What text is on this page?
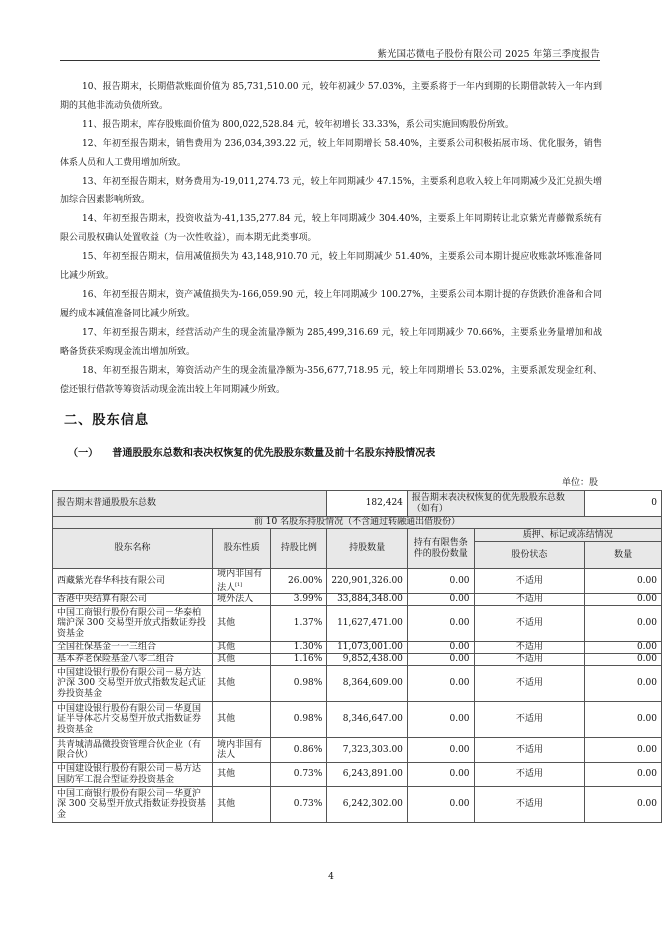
紫光国芯微电子股份有限公司 2025 年第三季度报告

10、报告期末，长期借款账面价值为 85,731,510.00 元，较年初减少 57.03%，主要系将于一年内到期的长期借款转入一年内到期的其他非流动负债所致。

11、报告期末，库存股账面价值为 800,022,528.84 元，较年初增长 33.33%，系公司实施回购股份所致。

12、年初至报告期末，销售费用为 236,034,393.22 元，较上年同期增长 58.40%，主要系公司积极拓展市场、优化服务，销售体系人员和人工费用增加所致。

13、年初至报告期末，财务费用为-19,011,274.73 元，较上年同期减少 47.15%，主要系利息收入较上年同期减少及汇兑损失增加综合因素影响所致。

14、年初至报告期末，投资收益为-41,135,277.84 元，较上年同期减少 304.40%，主要系上年同期转让北京紫光青藤微系统有限公司股权确认处置收益（为一次性收益），而本期无此类事项。

15、年初至报告期末，信用减值损失为 43,148,910.70 元，较上年同期减少 51.40%，主要系公司本期计提应收账款坏账准备同比减少所致。

16、年初至报告期末，资产减值损失为-166,059.90 元，较上年同期减少 100.27%，主要系公司本期计提的存货跌价准备和合同履约成本减值准备同比减少所致。

17、年初至报告期末，经营活动产生的现金流量净额为 285,499,316.69 元，较上年同期减少 70.66%，主要系业务量增加和战略备货获采购现金流出增加所致。

18、年初至报告期末，筹资活动产生的现金流量净额为-356,677,718.95 元，较上年同期增长 53.02%，主要系派发现金红利、偿还银行借款等筹资活动现金流出较上年同期减少所致。

二、股东信息
（一） 普通股股东总数和表决权恢复的优先股股东数量及前十名股东持股情况表
单位：股
报告期末普通股股东总数			182,424	报告期末表决权恢复的优先股股东总数（如有）		0
前 10 名股东持股情况（不含通过转融通出借股份）						
股东名称	股东性质	持股比例	持股数量	持有有限售条件的股份数量	质押、标记或冻结情况	
					股份状态	数量
西藏紫光春华科技有限公司	境内非国有法人[1]	26.00%	220,901,326.00	0.00	不适用	0.00
香港中央结算有限公司	境外法人	3.99%	33,884,348.00	0.00	不适用	0.00
中国工商银行股份有限公司－华泰柏瑞沪深 300 交易型开放式指数证券投资基金	其他	1.37%	11,627,471.00	0.00	不适用	0.00
全国社保基金一一三组合	其他	1.30%	11,073,001.00	0.00	不适用	0.00
基本养老保险基金八零二组合	其他	1.16%	9,852,438.00	0.00	不适用	0.00
中国建设银行股份有限公司－易方达沪深 300 交易型开放式指数发起式证券投资基金	其他	0.98%	8,364,609.00	0.00	不适用	0.00
中国建设银行股份有限公司－华夏国证半导体芯片交易型开放式指数证券投资基金	其他	0.98%	8,346,647.00	0.00	不适用	0.00
共青城清晶微投资管理合伙企业（有限合伙）	境内非国有法人	0.86%	7,323,303.00	0.00	不适用	0.00
中国建设银行股份有限公司－易方达国防军工混合型证券投资基金	其他	0.73%	6,243,891.00	0.00	不适用	0.00
中国工商银行股份有限公司－华夏沪深 300 交易型开放式指数证券投资基金	其他	0.73%	6,242,302.00	0.00	不适用	0.00
4
